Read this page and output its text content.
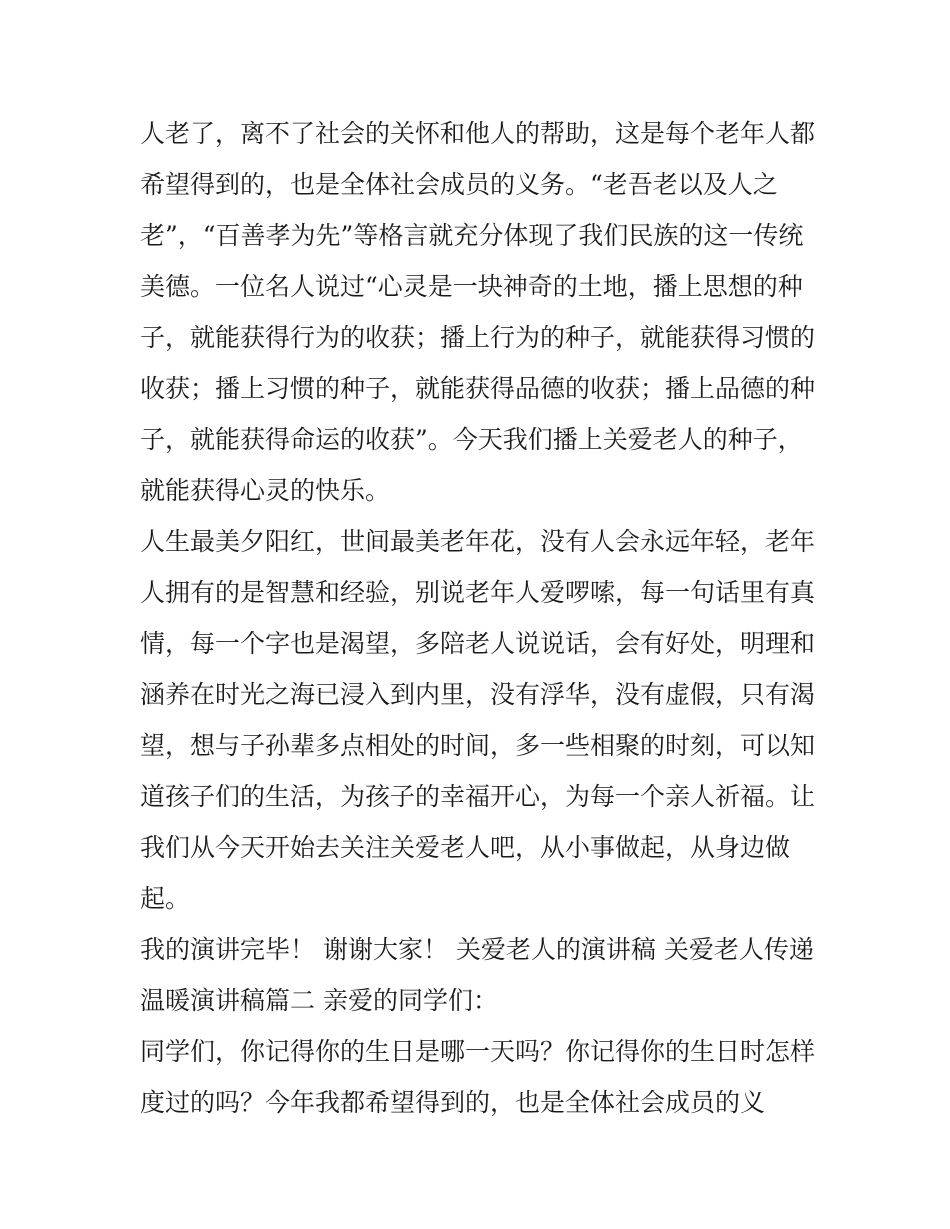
人老了，离不了社会的关怀和他人的帮助，这是每个老年人都
希望得到的，也是全体社会成员的义务。“老吾老以及人之
老”，“百善孝为先”等格言就充分体现了我们民族的这一传统
美德。一位名人说过“心灵是一块神奇的土地，播上思想的种
子，就能获得行为的收获；播上行为的种子，就能获得习惯的
收获；播上习惯的种子，就能获得品德的收获；播上品德的种
子，就能获得命运的收获”。今天我们播上关爱老人的种子，
就能获得心灵的快乐。
人生最美夕阳红，世间最美老年花，没有人会永远年轻，老年
人拥有的是智慧和经验，别说老年人爱啰嗦，每一句话里有真
情，每一个字也是渴望，多陪老人说说话，会有好处，明理和
涵养在时光之海已浸入到内里，没有浮华，没有虚假，只有渴
望，想与子孙辈多点相处的时间，多一些相聚的时刻，可以知
道孩子们的生活，为孩子的幸福开心，为每一个亲人祈福。让
我们从今天开始去关注关爱老人吧，从小事做起，从身边做
起。
我的演讲完毕！ 谢谢大家！ 关爱老人的演讲稿 关爱老人传递
温暖演讲稿篇二 亲爱的同学们：
同学们，你记得你的生日是哪一天吗？你记得你的生日时怎样
度过的吗？今年我都希望得到的，也是全体社会成员的义
